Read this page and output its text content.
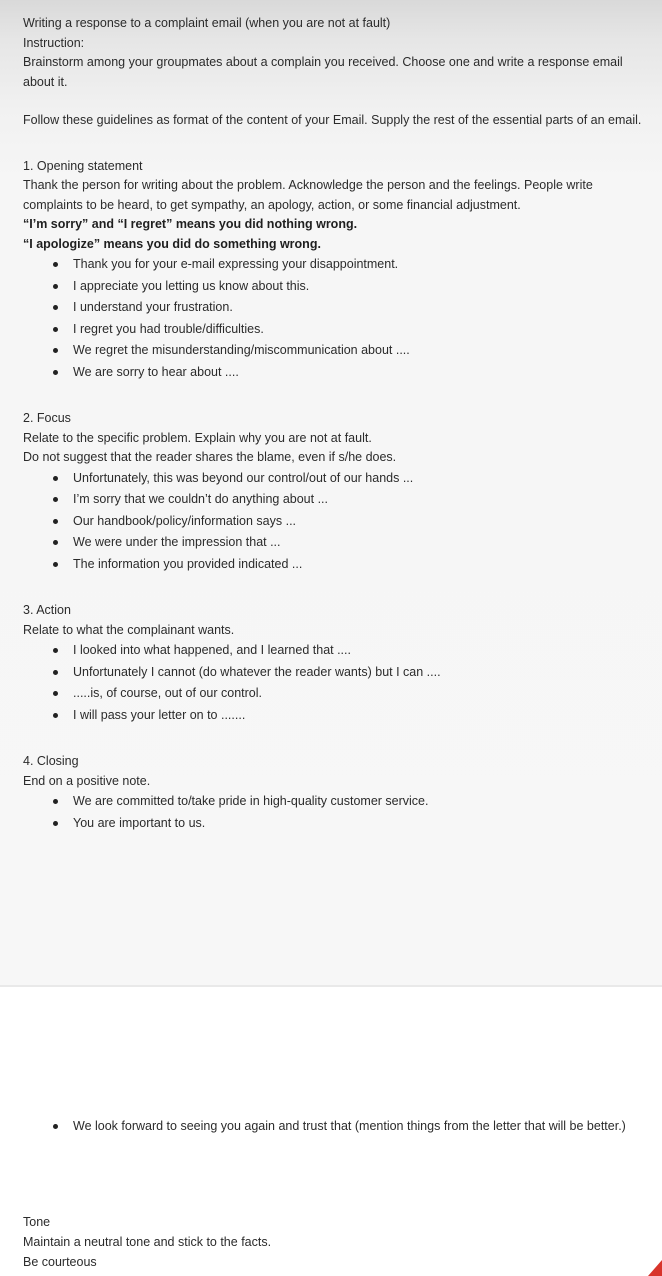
Writing a response to a complaint email (when you are not at fault)

Instruction:

Brainstorm among your groupmates about a complain you received. Choose one and write a response email about it.

Follow these guidelines as format of the content of your Email. Supply the rest of the essential parts of an email.

1. Opening statement

Thank the person for writing about the problem. Acknowledge the person and the feelings. People write complaints to be heard, to get sympathy, an apology, action, or some financial adjustment.

“I’m sorry” and “I regret” means you did nothing wrong.

“I apologize” means you did do something wrong.

Thank you for your e-mail expressing your disappointment.
I appreciate you letting us know about this.
I understand your frustration.
I regret you had trouble/difficulties.
We regret the misunderstanding/miscommunication about ....
We are sorry to hear about ....

2. Focus

Relate to the specific problem. Explain why you are not at fault.

Do not suggest that the reader shares the blame, even if s/he does.

Unfortunately, this was beyond our control/out of our hands ...
I’m sorry that we couldn’t do anything about ...
Our handbook/policy/information says ...
We were under the impression that ...
The information you provided indicated ...

3. Action

Relate to what the complainant wants.

I looked into what happened, and I learned that ....
Unfortunately I cannot (do whatever the reader wants) but I can ....
.....is, of course, out of our control.
I will pass your letter on to .......

4. Closing

End on a positive note.

We are committed to/take pride in high-quality customer service.
You are important to us.
We look forward to seeing you again and trust that (mention things from the letter that will be better.)

Tone

Maintain a neutral tone and stick to the facts.

Be courteous
